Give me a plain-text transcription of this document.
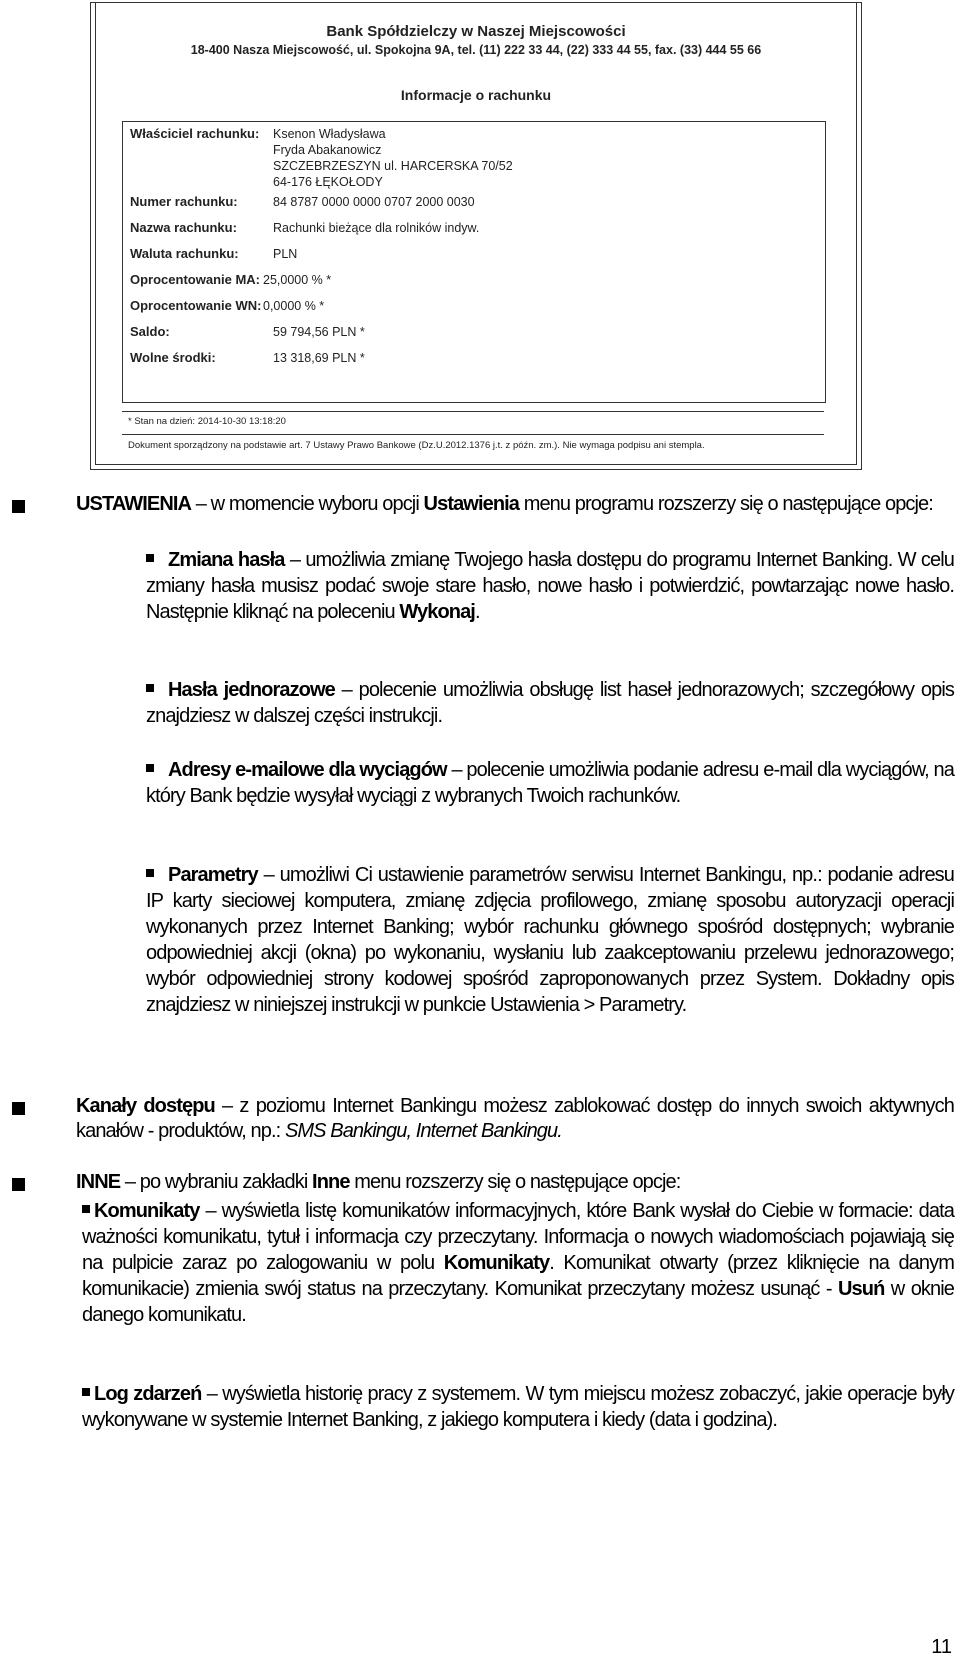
Bank Spółdzielczy w Naszej Miejscowości
18-400 Nasza Miejscowość, ul. Spokojna 9A, tel. (11) 222 33 44, (22) 333 44 55, fax. (33) 444 55 66
Informacje o rachunku
Właściciel rachunku: Ksenon Władysława
Fryda Abakanowicz
SZCZEBRZESZYN ul. HARCERSKA 70/52
64-176 ŁĘKOŁODY
Numer rachunku:	84 8787 0000 0000 0707 2000 0030
Nazwa rachunku:	Rachunki bieżące dla rolników indyw.
Waluta rachunku:	PLN
Oprocentowanie MA: 25,0000 % *
Oprocentowanie WN: 0,0000 % *
Saldo:	59 794,56 PLN *
Wolne środki:	13 318,69 PLN *
* Stan na dzień: 2014-10-30 13:18:20
Dokument sporządzony na podstawie art. 7 Ustawy Prawo Bankowe (Dz.U.2012.1376 j.t. z późn. zm.). Nie wymaga podpisu ani stempla.
USTAWIENIA – w momencie wyboru opcji Ustawienia menu programu rozszerzy się o następujące opcje:
Zmiana hasła – umożliwia zmianę Twojego hasła dostępu do programu Internet Banking. W celu zmiany hasła musisz podać swoje stare hasło, nowe hasło i potwierdzić, powtarzając nowe hasło. Następnie kliknąć na poleceniu Wykonaj.
Hasła jednorazowe – polecenie umożliwia obsługę list haseł jednorazowych; szczegółowy opis znajdziesz w dalszej części instrukcji.
Adresy e-mailowe dla wyciągów – polecenie umożliwia podanie adresu e-mail dla wyciągów, na który Bank będzie wysyłał wyciągi z wybranych Twoich rachunków.
Parametry – umożliwi Ci ustawienie parametrów serwisu Internet Bankingu, np.: podanie adresu IP karty sieciowej komputera, zmianę zdjęcia profilowego, zmianę sposobu autoryzacji operacji wykonanych przez Internet Banking; wybór rachunku głównego spośród dostępnych; wybranie odpowiedniej akcji (okna) po wykonaniu, wysłaniu lub zaakceptowaniu przelewu jednorazowego; wybór odpowiedniej strony kodowej spośród zaproponowanych przez System. Dokładny opis znajdziesz w niniejszej instrukcji w punkcie Ustawienia > Parametry.
Kanały dostępu – z poziomu Internet Bankingu możesz zablokować dostęp do innych swoich aktywnych kanałów - produktów, np.: SMS Bankingu, Internet Bankingu.
INNE – po wybraniu zakładki Inne menu rozszerzy się o następujące opcje:
Komunikaty – wyświetla listę komunikatów informacyjnych, które Bank wysłał do Ciebie w formacie: data ważności komunikatu, tytuł i informacja czy przeczytany. Informacja o nowych wiadomościach pojawiają się na pulpicie zaraz po zalogowaniu w polu Komunikaty. Komunikat otwarty (przez kliknięcie na danym komunikacie) zmienia swój status na przeczytany. Komunikat przeczytany możesz usunąć - Usuń w oknie danego komunikatu.
Log zdarzeń – wyświetla historię pracy z systemem. W tym miejscu możesz zobaczyć, jakie operacje były wykonywane w systemie Internet Banking, z jakiego komputera i kiedy (data i godzina).
11
